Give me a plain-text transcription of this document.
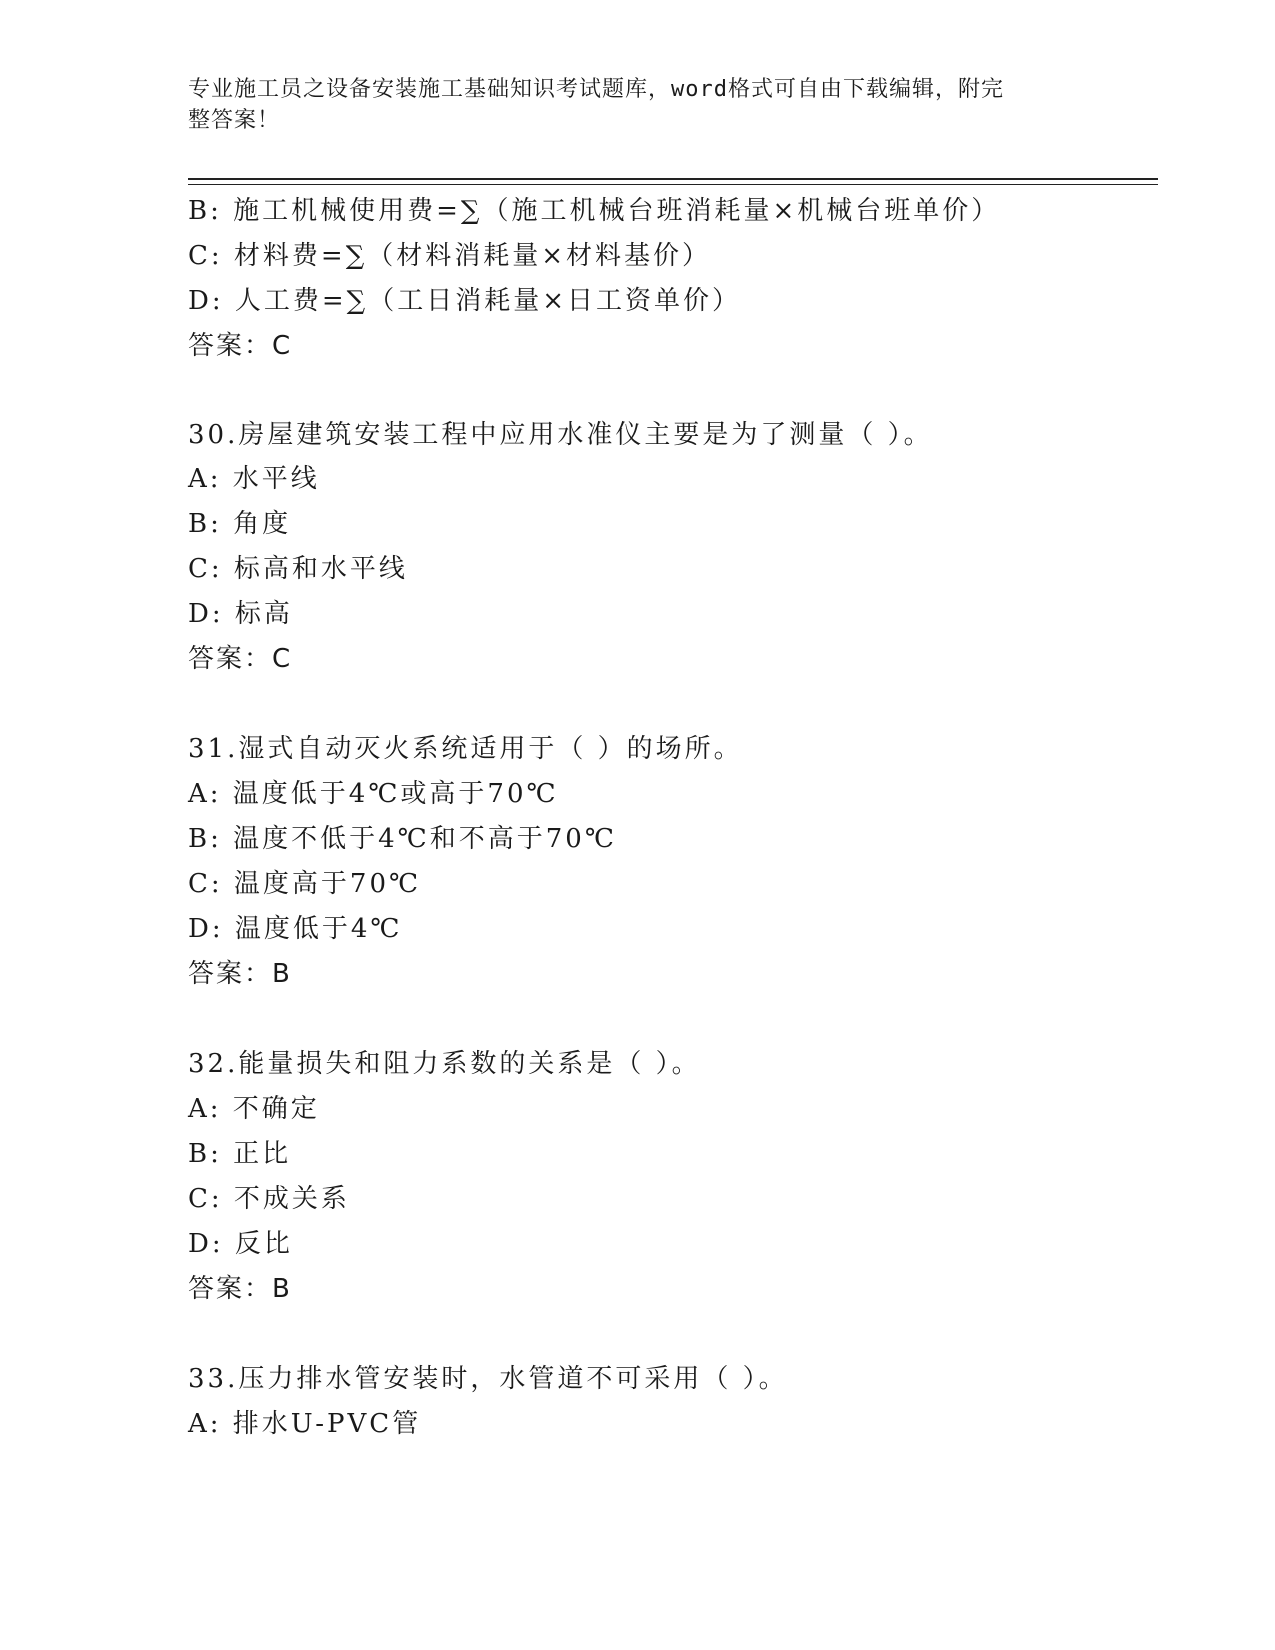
专业施工员之设备安装施工基础知识考试题库，word格式可自由下载编辑，附完
整答案！
B: 施工机械使用费=∑（施工机械台班消耗量×机械台班单价）
C: 材料费=∑（材料消耗量×材料基价）
D: 人工费=∑（工日消耗量×日工资单价）
答案：C
30.房屋建筑安装工程中应用水准仪主要是为了测量（ ）。
A: 水平线
B: 角度
C: 标高和水平线
D: 标高
答案：C
31.湿式自动灭火系统适用于（ ）的场所。
A: 温度低于4℃或高于70℃
B: 温度不低于4℃和不高于70℃
C: 温度高于70℃
D: 温度低于4℃
答案：B
32.能量损失和阻力系数的关系是（ ）。
A: 不确定
B: 正比
C: 不成关系
D: 反比
答案：B
33.压力排水管安装时，水管道不可采用（ ）。
A: 排水U-PVC管
